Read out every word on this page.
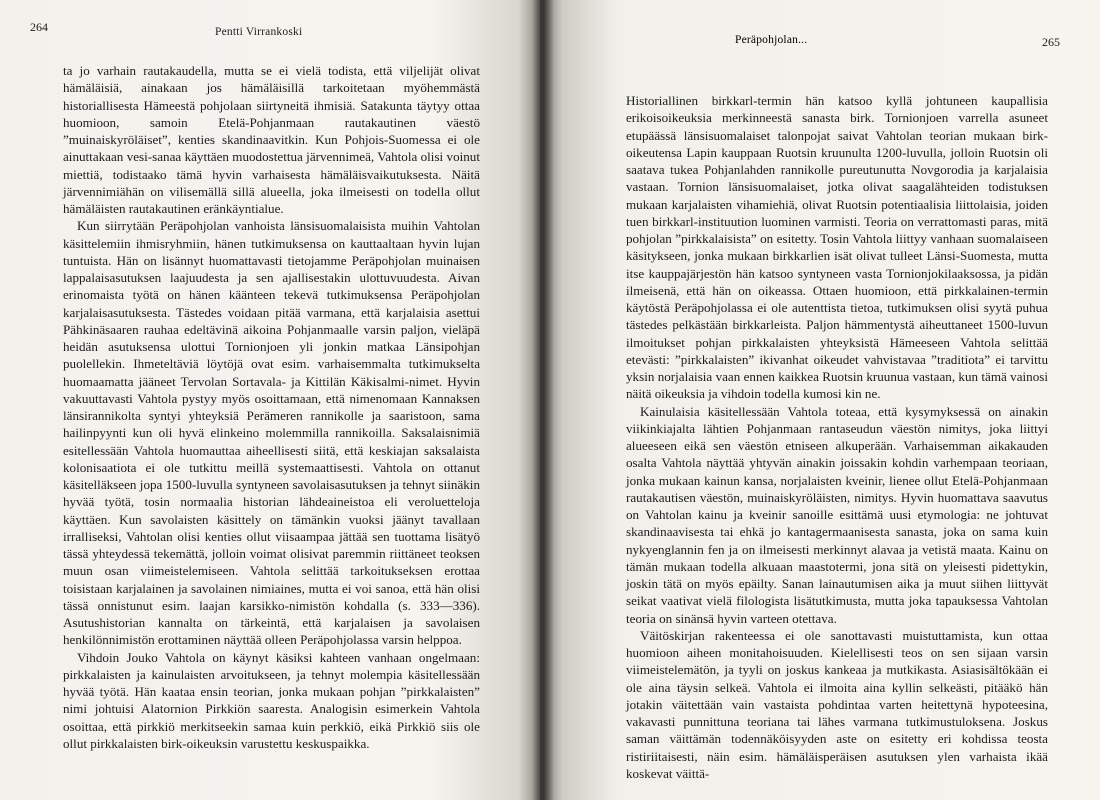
264	Pentti Virrankoski

ta jo varhain rautakaudella, mutta se ei vielä todista, että viljelijät olivat hämäläisiä, ainakaan jos hämäläisillä tarkoitetaan myöhemmästä historiallisesta Hämeestä pohjolaan siirtyneitä ihmisiä. Satakunta täytyy ottaa huomioon, samoin Etelä-Pohjanmaan rautakautinen väestö ”muinaiskyröläiset”, kenties skandinaavitkin. Kun Pohjois-Suomessa ei ole ainuttakaan vesi-sanaa käyttäen muodostettua järvennimeä, Vahtola olisi voinut miettiä, todistaako tämä hyvin varhaisesta hämäläisvaikutuksesta. Näitä järvennimiähän on vilisemällä sillä alueella, joka ilmeisesti on todella ollut hämäläisten rautakautinen eränkäyntialue.

Kun siirrytään Peräpohjolan vanhoista länsisuomalaisista muihin Vahtolan käsittelemiin ihmisryhmiin, hänen tutkimuksensa on kauttaaltaan hyvin lujan tuntuista. Hän on lisännyt huomattavasti tietojamme Peräpohjolan muinaisen lappalaisasutuksen laajuudesta ja sen ajallisestakin ulottuvuudesta. Aivan erinomaista työtä on hänen käänteen tekevä tutkimuksensa Peräpohjolan karjalaisasutuksesta. Tästedes voidaan pitää varmana, että karjalaisia asettui Pähkinäsaaren rauhaa edeltävinä aikoina Pohjanmaalle varsin paljon, vieläpä heidän asutuksensa ulottui Tornionjoen yli jonkin matkaa Länsipohjan puolellekin. Ihmeteltäviä löytöjä ovat esim. varhaisemmalta tutkimukselta huomaamatta jääneet Tervolan Sortavala- ja Kittilän Käkisalmi-nimet. Hyvin vakuuttavasti Vahtola pystyy myös osoittamaan, että nimenomaan Kannaksen länsirannikolta syntyi yhteyksiä Perämeren rannikolle ja saaristoon, sama hailinpyynti kun oli hyvä elinkeino molemmilla rannikoilla. Saksalaisnimiä esitellessään Vahtola huomauttaa aiheellisesti siitä, että keskiajan saksalaista kolonisaatiota ei ole tutkittu meillä systemaattisesti. Vahtola on ottanut käsitelläkseen jopa 1500-luvulla syntyneen savolaisasutuksen ja tehnyt siinäkin hyvää työtä, tosin normaalia historian lähdeaineistoa eli veroluetteloja käyttäen. Kun savolaisten käsittely on tämänkin vuoksi jäänyt tavallaan irralliseksi, Vahtolan olisi kenties ollut viisaampaa jättää sen tuottama lisätyö tässä yhteydessä tekemättä, jolloin voimat olisivat paremmin riittäneet teoksen muun osan viimeistelemiseen. Vahtola selittää tarkoitukseksen erottaa toisistaan karjalainen ja savolainen nimiaines, mutta ei voi sanoa, että hän olisi tässä onnistunut esim. laajan karsikko-nimistön kohdalla (s. 333—336). Asutushistorian kannalta on tärkeintä, että karjalaisen ja savolaisen henkilönnimistön erottaminen näyttää olleen Peräpohjolassa varsin helppoa.

Vihdoin Jouko Vahtola on käynyt käsiksi kahteen vanhaan ongelmaan: pirkkalaisten ja kainulaisten arvoitukseen, ja tehnyt molempia käsitellessään hyvää työtä. Hän kaataa ensin teorian, jonka mukaan pohjan ”pirkkalaisten” nimi johtuisi Alatornion Pirkkiön saaresta. Analogisin esimerkein Vahtola osoittaa, että pirkkiö merkitseekin samaa kuin perkkiö, eikä Pirkkiö siis ole ollut pirkkalaisten birk-oikeuksin varustettu keskuspaikka.

Historiallinen birkkarl-termin hän katsoo kyllä johtuneen kaupallisia erikoisoikeuksia merkinneestä sanasta birk. Tornionjoen varrella asuneet etupäässä länsisuomalaiset talonpojat saivat Vahtolan teorian mukaan birk-oikeutensa Lapin kauppaan Ruotsin kruunulta 1200-luvulla, jolloin Ruotsin oli saatava tukea Pohjanlahden rannikolle pureutunutta Novgorodia ja karjalaisia vastaan. Tornion länsisuomalaiset, jotka olivat saagalähteiden todistuksen mukaan karjalaisten vihamiehiä, olivat Ruotsin potentiaalisia liittolaisia, joiden tuen birkkarl-instituution luominen varmisti. Teoria on verrattomasti paras, mitä pohjolan ”pirkkalaisista” on esitetty. Tosin Vahtola liittyy vanhaan suomalaiseen käsitykseen, jonka mukaan birkkarlien isät olivat tulleet Länsi-Suomesta, mutta itse kauppajärjestön hän katsoo syntyneen vasta Tornionjokilaaksossa, ja pidän ilmeisenä, että hän on oikeassa. Ottaen huomioon, että pirkkalainen-termin käytöstä Peräpohjolassa ei ole autenttista tietoa, tutkimuksen olisi syytä puhua tästedes pelkästään birkkarleista. Paljon hämmentystä aiheuttaneet 1500-luvun ilmoitukset pohjan pirkkalaisten yhteyksistä Hämeeseen Vahtola selittää etevästi: ”pirkkalaisten” ikivanhat oikeudet vahvistavaa ”traditiota” ei tarvittu yksin norjalaisia vaan ennen kaikkea Ruotsin kruunua vastaan, kun tämä vainosi näitä oikeuksia ja vihdoin todella kumosi kin ne.

Kainulaisia käsitellessään Vahtola toteaa, että kysymyksessä on ainakin viikinkiajalta lähtien Pohjanmaan rantaseudun väestön nimitys, joka liittyi alueeseen eikä sen väestön etniseen alkuperään. Varhaisemman aikakauden osalta Vahtola näyttää yhtyvän ainakin joissakin kohdin varhempaan teoriaan, jonka mukaan kainun kansa, norjalaisten kveinir, lienee ollut Etelä-Pohjanmaan rautakautisen väestön, muinaiskyröläisten, nimitys. Hyvin huomattava saavutus on Vahtolan kainu ja kveinir sanoille esittämä uusi etymologia: ne johtuvat skandinaavisesta tai ehkä jo kantagermaanisesta sanasta, joka on sama kuin nykyenglannin fen ja on ilmeisesti merkinnyt alavaa ja vetistä maata. Kainu on tämän mukaan todella alkuaan maastotermi, jona sitä on yleisesti pidettykin, joskin tätä on myös epäilty. Sanan lainautumisen aika ja muut siihen liittyvät seikat vaativat vielä filologista lisätutkimusta, mutta joka tapauksessa Vahtolan teoria on sinänsä hyvin varteen otettava.

Väitöskirjan rakenteessa ei ole sanottavasti muistuttamista, kun ottaa huomioon aiheen monitahoisuuden. Kielellisesti teos on sen sijaan varsin viimeistelemätön, ja tyyli on joskus kankeaa ja mutkikasta. Asiasisältökään ei ole aina täysin selkeä. Vahtola ei ilmoita aina kyllin selkeästi, pitääkö hän jotakin väitettään vain vastaista pohdintaa varten heitettynä hypoteesina, vakavasti punnittuna teoriana tai lähes varmana tutkimustuloksena. Joskus saman väittämän todennäköisyyden aste on esitetty eri kohdissa teosta ristiriitaisesti, näin esim. hämäläisperäisen asutuksen ylen varhaista ikää koskevat väittä-

Peräpohjolan...	265
